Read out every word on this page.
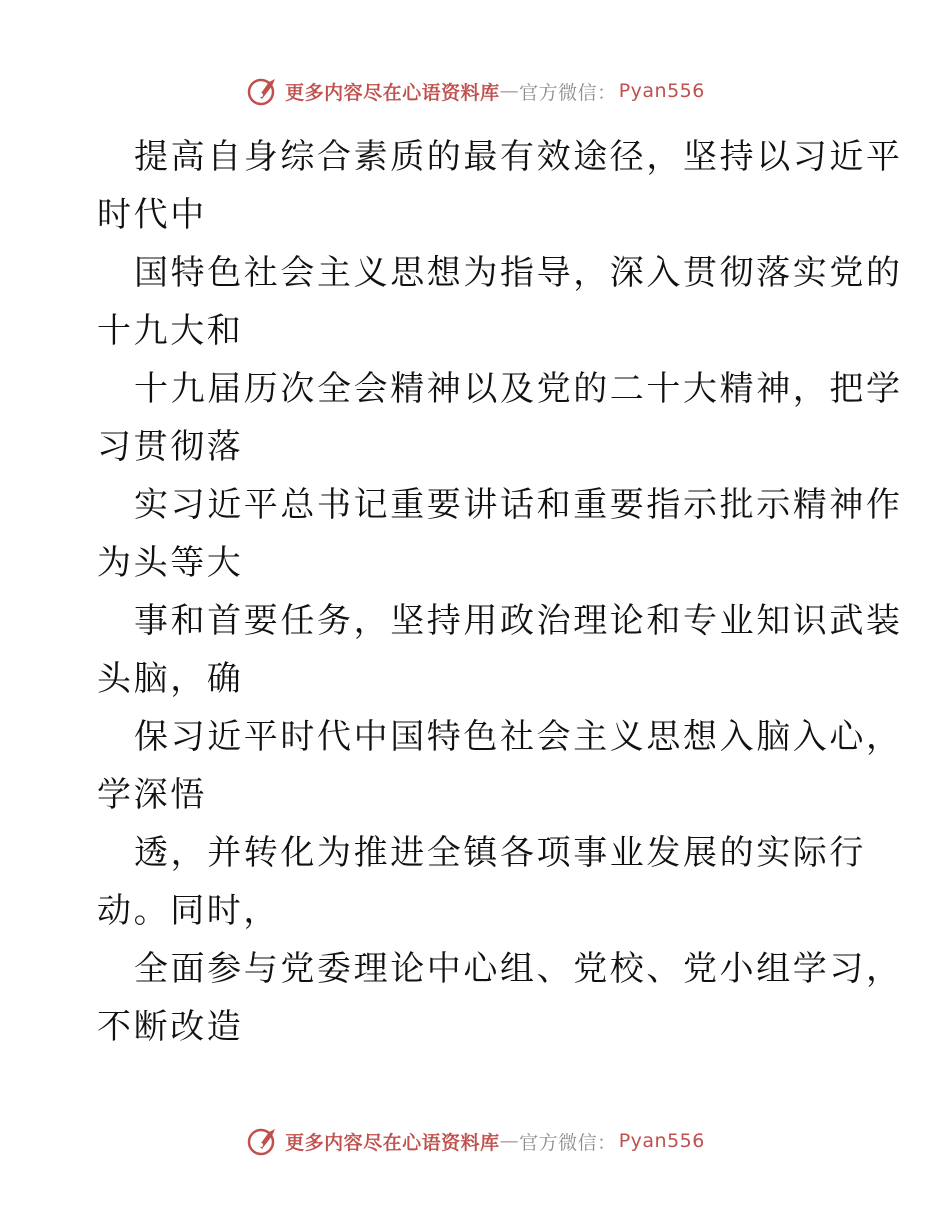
更多内容尽在心语资料库 — 官方微信： Pyan556
提高自身综合素质的最有效途径，坚持以习近平
时代中
国特色社会主义思想为指导，深入贯彻落实党的
十九大和
十九届历次全会精神以及党的二十大精神，把学
习贯彻落
实习近平总书记重要讲话和重要指示批示精神作
为头等大
事和首要任务，坚持用政治理论和专业知识武装
头脑，确
保习近平时代中国特色社会主义思想入脑入心，
学深悟
透，并转化为推进全镇各项事业发展的实际行
动。同时，
全面参与党委理论中心组、党校、党小组学习，
不断改造
更多内容尽在心语资料库 — 官方微信： Pyan556
